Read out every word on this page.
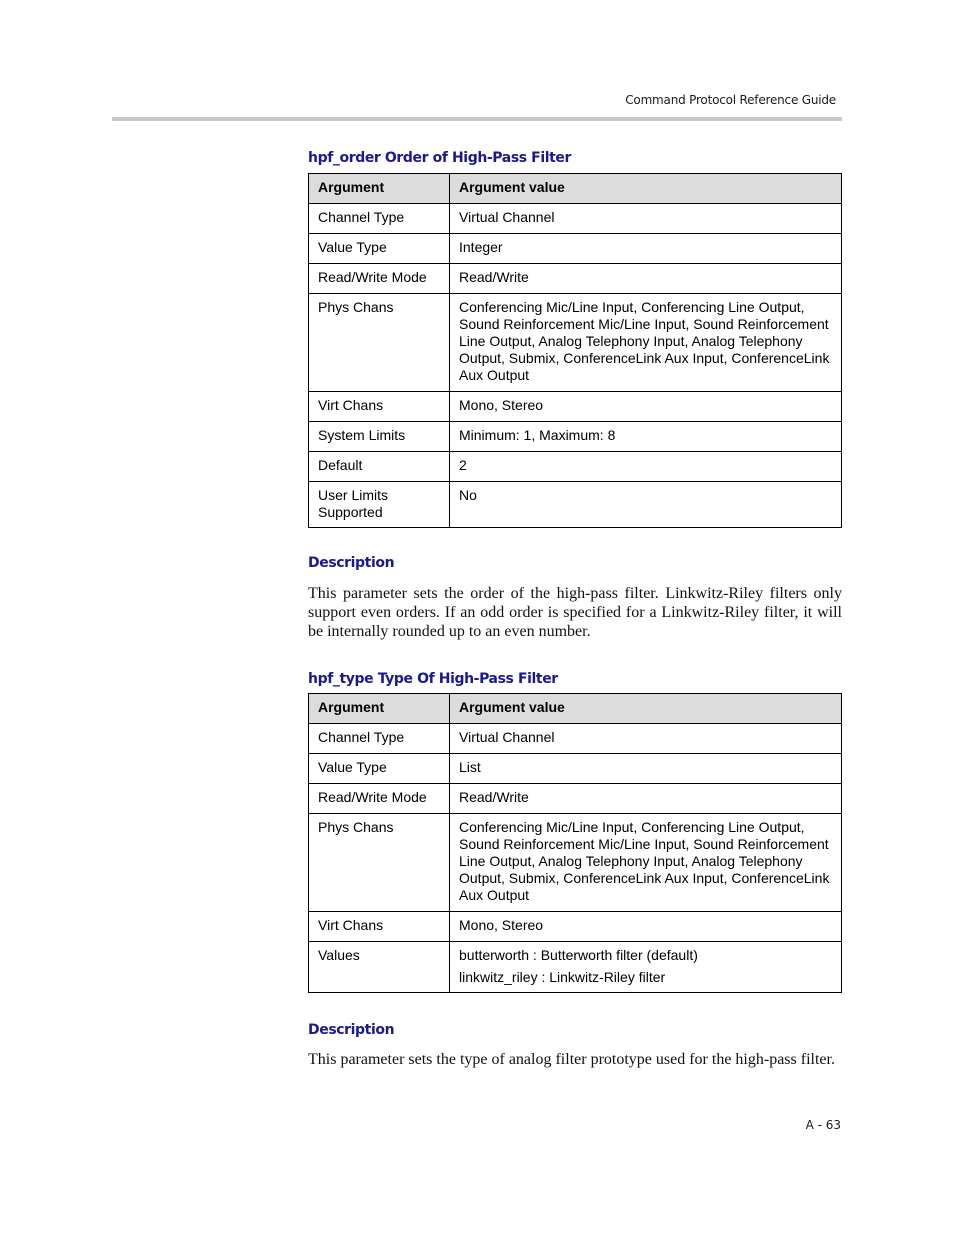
Command Protocol Reference Guide
hpf_order Order of High-Pass Filter
Argument	Argument value
Channel Type	Virtual Channel
Value Type	Integer
Read/Write Mode	Read/Write
Phys Chans	Conferencing Mic/Line Input, Conferencing Line Output, Sound Reinforcement Mic/Line Input, Sound Reinforcement Line Output, Analog Telephony Input, Analog Telephony Output, Submix, ConferenceLink Aux Input, ConferenceLink Aux Output
Virt Chans	Mono, Stereo
System Limits	Minimum: 1, Maximum: 8
Default	2
User Limits Supported	No
Description
This parameter sets the order of the high-pass filter. Linkwitz-Riley filters only support even orders. If an odd order is specified for a Linkwitz-Riley filter, it will be internally rounded up to an even number.
hpf_type Type Of High-Pass Filter
Argument	Argument value
Channel Type	Virtual Channel
Value Type	List
Read/Write Mode	Read/Write
Phys Chans	Conferencing Mic/Line Input, Conferencing Line Output, Sound Reinforcement Mic/Line Input, Sound Reinforcement Line Output, Analog Telephony Input, Analog Telephony Output, Submix, ConferenceLink Aux Input, ConferenceLink Aux Output
Virt Chans	Mono, Stereo
Values	butterworth : Butterworth filter (default)
linkwitz_riley : Linkwitz-Riley filter
Description
This parameter sets the type of analog filter prototype used for the high-pass filter.
A - 63
